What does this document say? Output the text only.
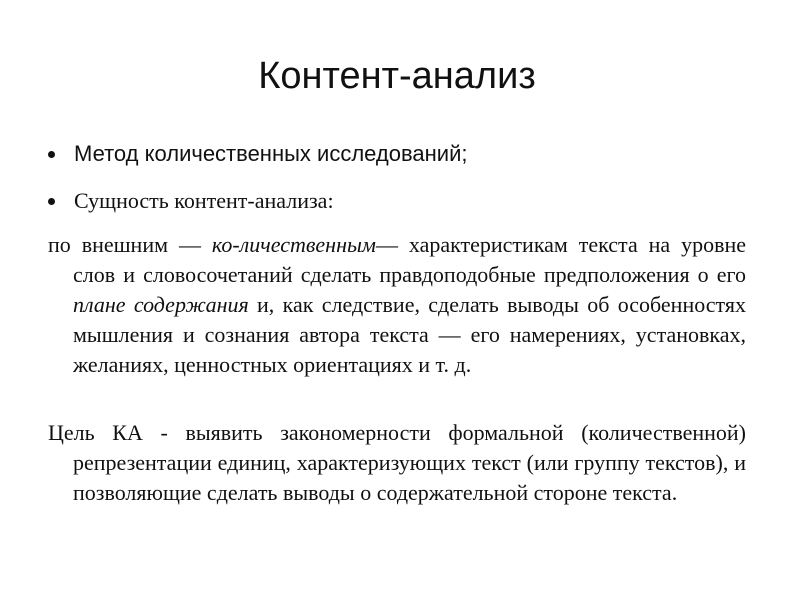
Контент-анализ
Метод количественных исследований;
Сущность контент-анализа:
по внешним — ко-личественным— характеристикам текста на уровне слов и словосочетаний сделать правдоподобные предположения о его плане содержания и, как следствие, сделать выводы об особенностях мышления и сознания автора текста — его намерениях, установках, желаниях, ценностных ориентациях и т. д.
Цель КА - выявить закономерности формальной (количественной) репрезентации единиц, характеризующих текст (или группу текстов), и позволяющие сделать выводы о содержательной стороне текста.
